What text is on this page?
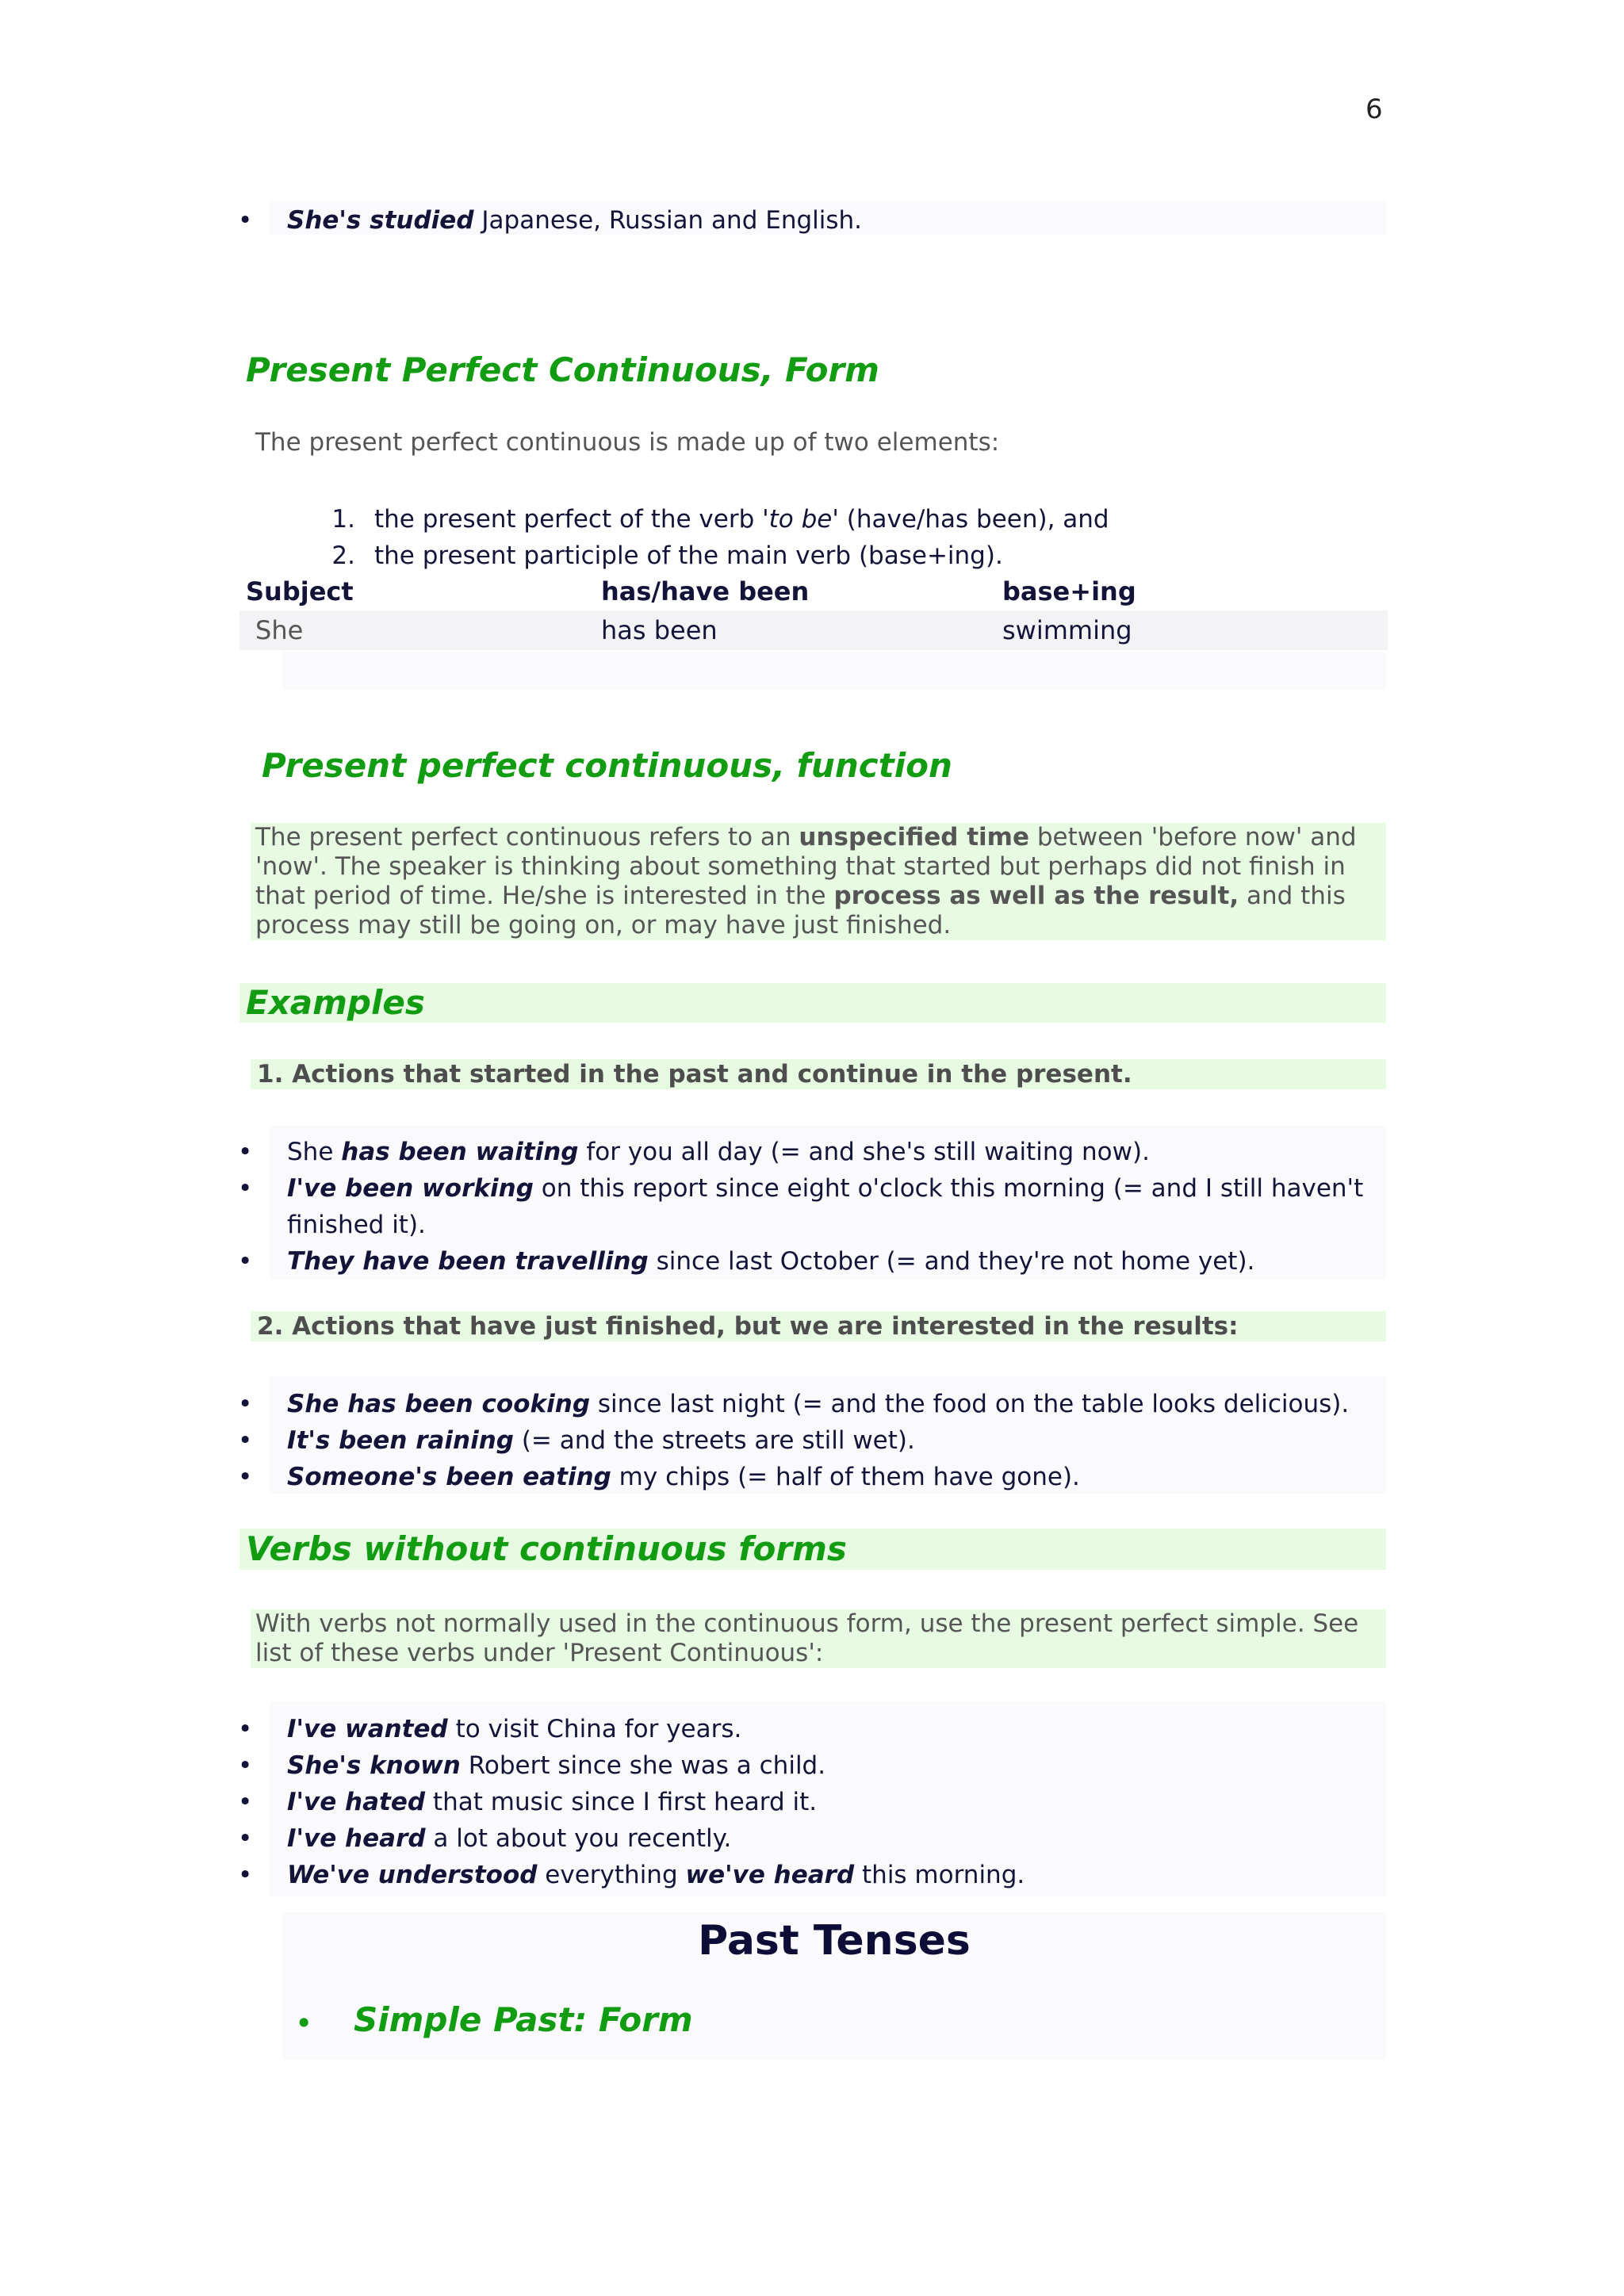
6
•	She's studied Japanese, Russian and English.
Present Perfect Continuous, Form
The present perfect continuous is made up of two elements:
1. the present perfect of the verb 'to be' (have/has been), and
2. the present participle of the main verb (base+ing).
Subject	has/have been	base+ing
She	has been	swimming
Present perfect continuous, function
The present perfect continuous refers to an unspecified time between 'before now' and 'now'. The speaker is thinking about something that started but perhaps did not finish in that period of time. He/she is interested in the process as well as the result, and this process may still be going on, or may have just finished.
Examples
1. Actions that started in the past and continue in the present.
•	She has been waiting for you all day (= and she's still waiting now).
•	I've been working on this report since eight o'clock this morning (= and I still haven't
finished it).
•	They have been travelling since last October (= and they're not home yet).
2. Actions that have just finished, but we are interested in the results:
•	She has been cooking since last night (= and the food on the table looks delicious).
•	It's been raining (= and the streets are still wet).
•	Someone's been eating my chips (= half of them have gone).
Verbs without continuous forms
With verbs not normally used in the continuous form, use the present perfect simple. See list of these verbs under 'Present Continuous':
•	I've wanted to visit China for years.
•	She's known Robert since she was a child.
•	I've hated that music since I first heard it.
•	I've heard a lot about you recently.
•	We've understood everything we've heard this morning.
Past Tenses
• Simple Past: Form
